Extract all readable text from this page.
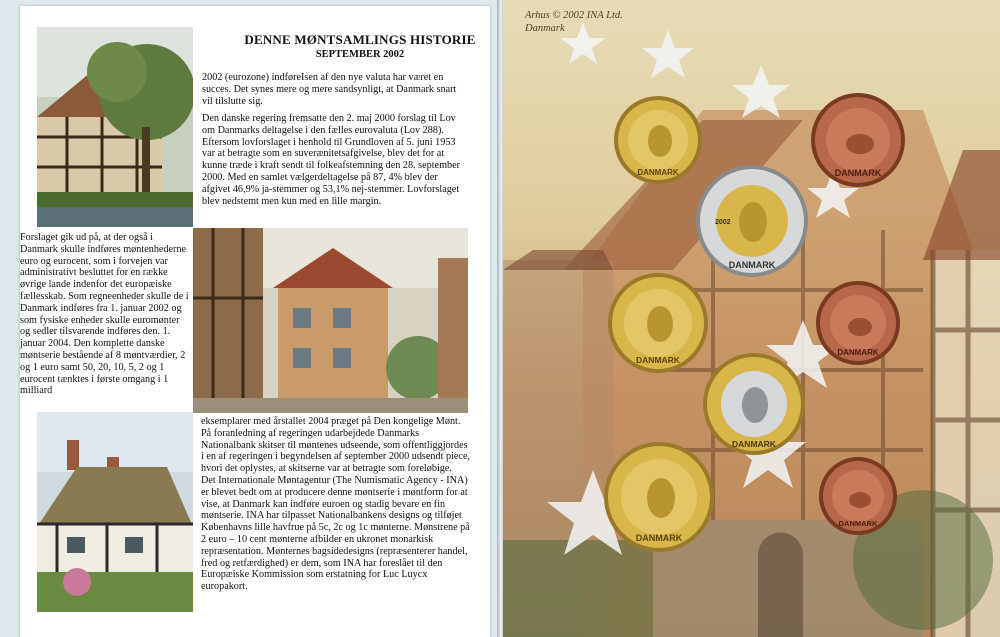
DENNE MØNTSAMLINGS HISTORIE
SEPTEMBER 2002

2002 (eurozone) indføreIsen af den nye valuta har været en succes. Det synes mere og mere sandsynligt, at Danmark snart vil tilslutte sig.

Den danske regering fremsatte den 2. maj 2000 forslag til Lov om Danmarks deltagelse i den fælles eurovaluta (Lov 288). Eftersom lovforslaget i henhold til Grundloven af 5. juni 1953 var at betragte som en suverænitetsafgivelse, blev det for at kunne træde i kraft sendt til folkeafstemning den 28. september 2000. Med en samlet vælgerdeltagelse på 87, 4% blev der afgivet 46,9% ja-stemmer og 53,1% nej-stemmer. Lovforslaget blev nedstemt men kun med en lille margin.

Forslaget gik ud på, at der også i Danmark skulle indføres møntenhederne euro og eurocent, som i forvejen var administrativt besluttet for en række øvrige lande indenfor det europæiske fællesskab. Som regneenheder skulle de i Danmark indføres fra 1. januar 2002 og som fysiske enheder skulle euromønter og sedler tilsvarende indføres den. 1. januar 2004. Den komplette danske møntserie bestående af 8 møntværdier, 2 og 1 euro samt 50, 20, 10, 5, 2 og 1 eurocent tænktes i første omgang i 1 milliard

eksemplarer med årstallet 2004 præget på Den kongelige Mønt.
På foranledning af regeringen udarbejdede Danmarks Nationalbank skitser til møntenes udseende, som offentliggjordes i en af regeringen i begyndelsen af september 2000 udsendt piece, hvori det oplystes, at skitserne var at betragte som foreløbige.
Det Internationale Møntagentur (The Numismatic Agency - INA) er blevet bedt om at producere denne møntserie i møntform for at vise, at Danmark kan indføre euroen og stadig bevare en fin møntserie. INA har tilpasset Nationalbankens designs og tilføjet Københavns lille havfrue på 5c, 2c og 1c mønterne. Mønstrene på 2 euro – 10 cent mønterne afbilder en ukronet monarkisk repræsentation. Mønternes bagsidedesigns (repræsenterer handel, fred og retfærdighed) er dem, som INA har foreslået til den Europæiske Kommission som erstatning for Luc Luycx europakort.

Arhus © 2002 INA Ltd.
Danmark
DANMARK	DANMARK
DANMARK
2002
DANMARK
DANMARK
DANMARK
DANMARK
DANMARK
